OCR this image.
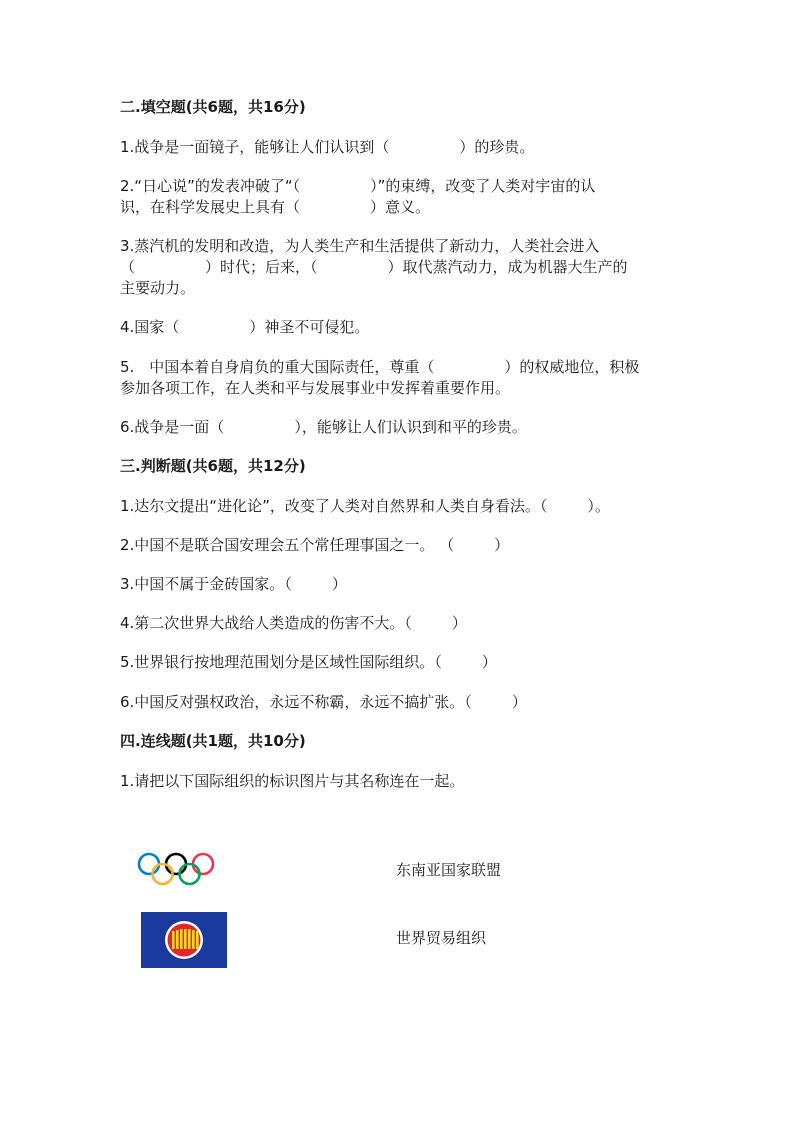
二.填空题(共6题，共16分)
1.战争是一面镜子，能够让人们认识到（	）的珍贵。
2.“日心说”的发表冲破了“（	）”的束缚，改变了人类对宇宙的认
识，在科学发展史上具有（	）意义。
3.蒸汽机的发明和改造，为人类生产和生活提供了新动力，人类社会进入
（	）时代；后来，（	）取代蒸汽动力，成为机器大生产的
主要动力。
4.国家（	）神圣不可侵犯。
5.　中国本着自身肩负的重大国际责任，尊重（	）的权威地位，积极
参加各项工作，在人类和平与发展事业中发挥着重要作用。
6.战争是一面（	），能够让人们认识到和平的珍贵。
三.判断题(共6题，共12分)
1.达尔文提出“进化论”，改变了人类对自然界和人类自身看法。（	）。
2.中国不是联合国安理会五个常任理事国之一。 （	）
3.中国不属于金砖国家。（	）
4.第二次世界大战给人类造成的伤害不大。（	）
5.世界银行按地理范围划分是区域性国际组织。（	）
6.中国反对强权政治，永远不称霸，永远不搞扩张。（	）
四.连线题(共1题，共10分)
1.请把以下国际组织的标识图片与其名称连在一起。
东南亚国家联盟
世界贸易组织
